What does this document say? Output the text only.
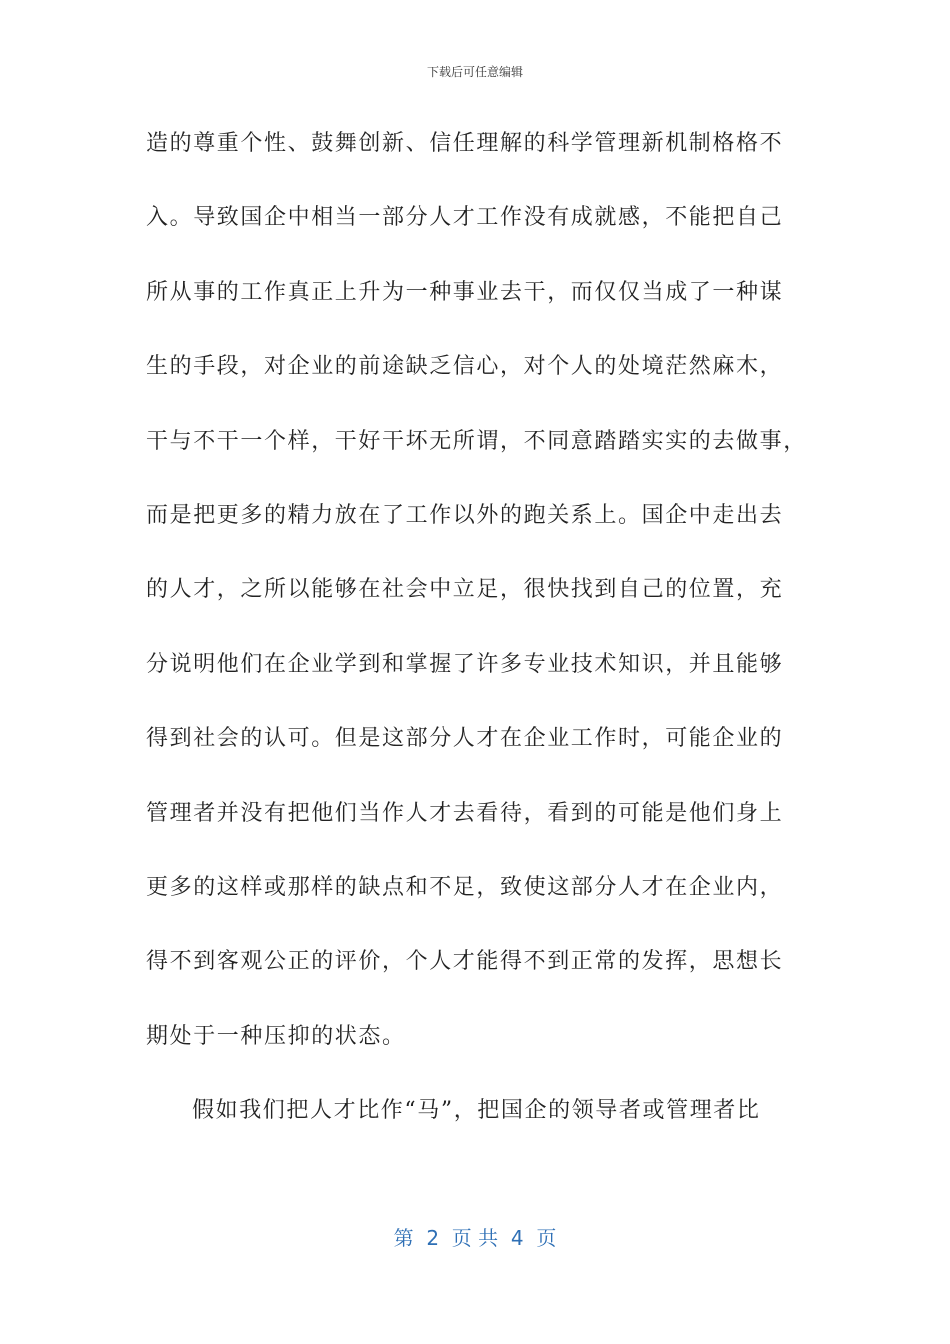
下载后可任意编辑
造的尊重个性、鼓舞创新、信任理解的科学管理新机制格格不
入。导致国企中相当一部分人才工作没有成就感，不能把自己
所从事的工作真正上升为一种事业去干，而仅仅当成了一种谋
生的手段，对企业的前途缺乏信心，对个人的处境茫然麻木，
干与不干一个样，干好干坏无所谓，不同意踏踏实实的去做事，
而是把更多的精力放在了工作以外的跑关系上。国企中走出去
的人才，之所以能够在社会中立足，很快找到自己的位置，充
分说明他们在企业学到和掌握了许多专业技术知识，并且能够
得到社会的认可。但是这部分人才在企业工作时，可能企业的
管理者并没有把他们当作人才去看待，看到的可能是他们身上
更多的这样或那样的缺点和不足，致使这部分人才在企业内，
得不到客观公正的评价，个人才能得不到正常的发挥，思想长
期处于一种压抑的状态。
假如我们把人才比作“马”，把国企的领导者或管理者比
第  2  页 共  4  页
